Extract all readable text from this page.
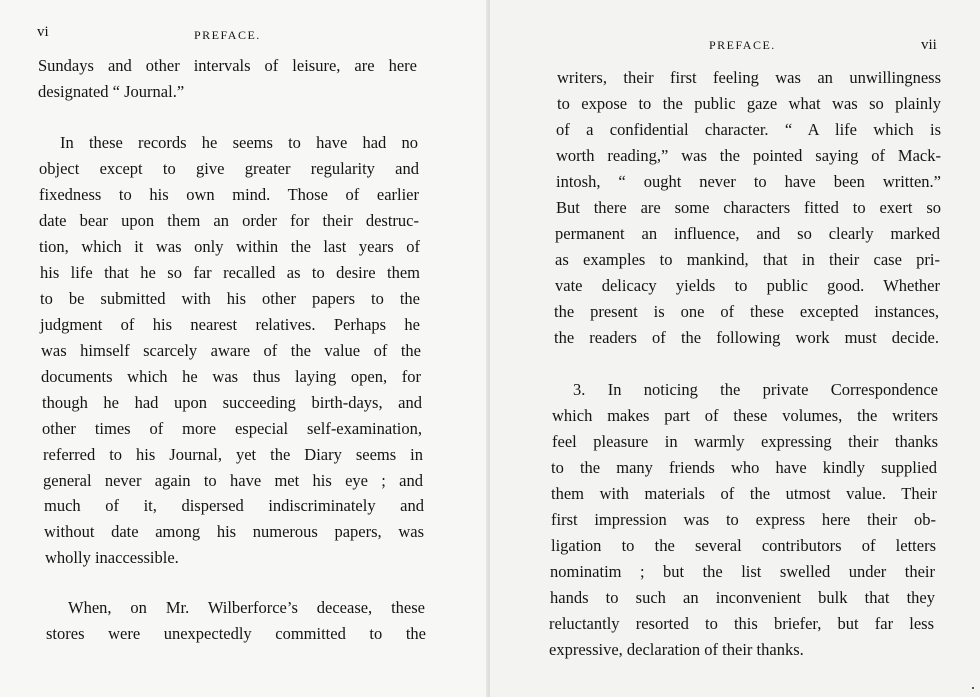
vi	PREFACE.
Sundays and other intervals of leisure, are here
designated “ Journal.”
In these records he seems to have had no
object except to give greater regularity and
fixedness to his own mind. Those of earlier
date bear upon them an order for their destruc-
tion, which it was only within the last years of
his life that he so far recalled as to desire them
to be submitted with his other papers to the
judgment of his nearest relatives. Perhaps he
was himself scarcely aware of the value of the
documents which he was thus laying open, for
though he had upon succeeding birth-days, and
other times of more especial self-examination,
referred to his Journal, yet the Diary seems in
general never again to have met his eye ; and
much of it, dispersed indiscriminately and
without date among his numerous papers, was
wholly inaccessible.
When, on Mr. Wilberforce’s decease, these
stores were unexpectedly committed to the
PREFACE.	vii
writers, their first feeling was an unwillingness
to expose to the public gaze what was so plainly
of a confidential character. “ A life which is
worth reading,” was the pointed saying of Mack-
intosh, “ ought never to have been written.”
But there are some characters fitted to exert so
permanent an influence, and so clearly marked
as examples to mankind, that in their case pri-
vate delicacy yields to public good. Whether
the present is one of these excepted instances,
the readers of the following work must decide.
3. In noticing the private Correspondence
which makes part of these volumes, the writers
feel pleasure in warmly expressing their thanks
to the many friends who have kindly supplied
them with materials of the utmost value. Their
first impression was to express here their ob-
ligation to the several contributors of letters
nominatim ; but the list swelled under their
hands to such an inconvenient bulk that they
reluctantly resorted to this briefer, but far less
expressive, declaration of their thanks.
